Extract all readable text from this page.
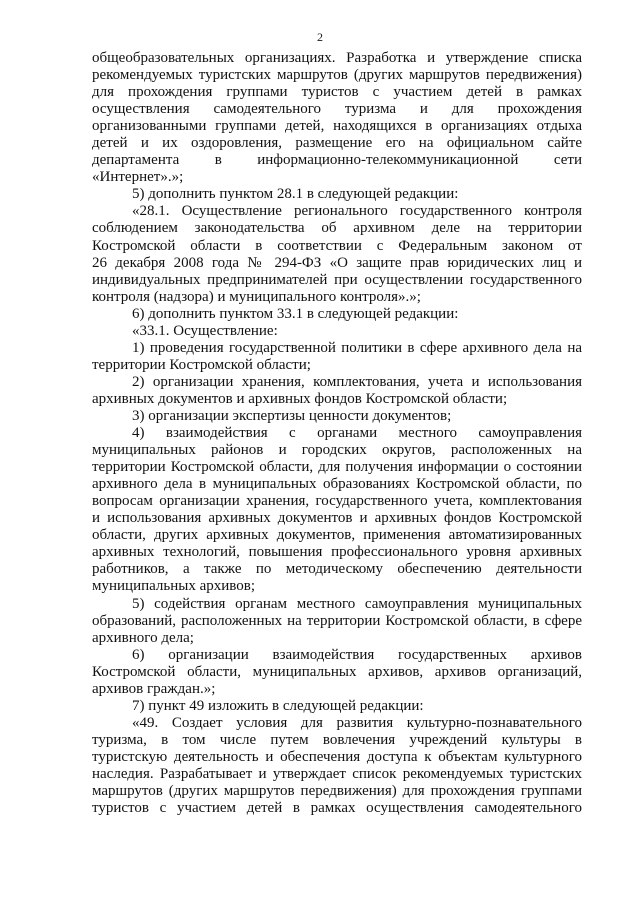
2
общеобразовательных организациях. Разработка и утверждение списка
рекомендуемых туристских маршрутов (других маршрутов передвижения)
для прохождения группами туристов с участием детей в рамках
осуществления самодеятельного туризма и для прохождения
организованными группами детей, находящихся в организациях отдыха
детей и их оздоровления, размещение его на официальном сайте
департамента в информационно-телекоммуникационной сети
«Интернет».»;
5) дополнить пунктом 28.1 в следующей редакции:
«28.1. Осуществление регионального государственного контроля
соблюдением законодательства об архивном деле на территории
Костромской области в соответствии с Федеральным законом от
26 декабря 2008 года № 294-ФЗ «О защите прав юридических лиц и
индивидуальных предпринимателей при осуществлении государственного
контроля (надзора) и муниципального контроля».»;
6) дополнить пунктом 33.1 в следующей редакции:
«33.1. Осуществление:
1) проведения государственной политики в сфере архивного дела на
территории Костромской области;
2) организации хранения, комплектования, учета и использования
архивных документов и архивных фондов Костромской области;
3) организации экспертизы ценности документов;
4) взаимодействия с органами местного самоуправления
муниципальных районов и городских округов, расположенных на
территории Костромской области, для получения информации о состоянии
архивного дела в муниципальных образованиях Костромской области, по
вопросам организации хранения, государственного учета, комплектования
и использования архивных документов и архивных фондов Костромской
области, других архивных документов, применения автоматизированных
архивных технологий, повышения профессионального уровня архивных
работников, а также по методическому обеспечению деятельности
муниципальных архивов;
5) содействия органам местного самоуправления муниципальных
образований, расположенных на территории Костромской области, в сфере
архивного дела;
6) организации взаимодействия государственных архивов
Костромской области, муниципальных архивов, архивов организаций,
архивов граждан.»;
7) пункт 49 изложить в следующей редакции:
«49. Создает условия для развития культурно-познавательного
туризма, в том числе путем вовлечения учреждений культуры в
туристскую деятельность и обеспечения доступа к объектам культурного
наследия. Разрабатывает и утверждает список рекомендуемых туристских
маршрутов (других маршрутов передвижения) для прохождения группами
туристов с участием детей в рамках осуществления самодеятельного
